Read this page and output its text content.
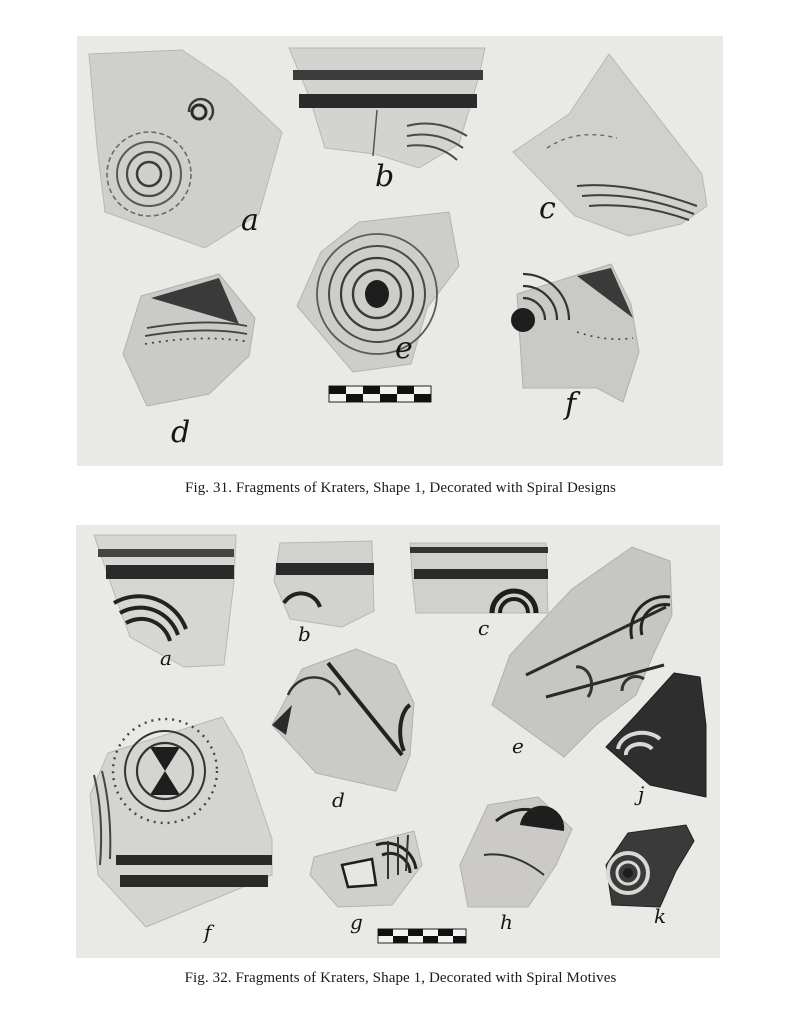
a
b
c
d
e
f
Fig. 31. Fragments of Kraters, Shape 1, Decorated with Spiral Designs
a
b	c
d
e
f	g	h
j
k
Fig. 32. Fragments of Kraters, Shape 1, Decorated with Spiral Motives
